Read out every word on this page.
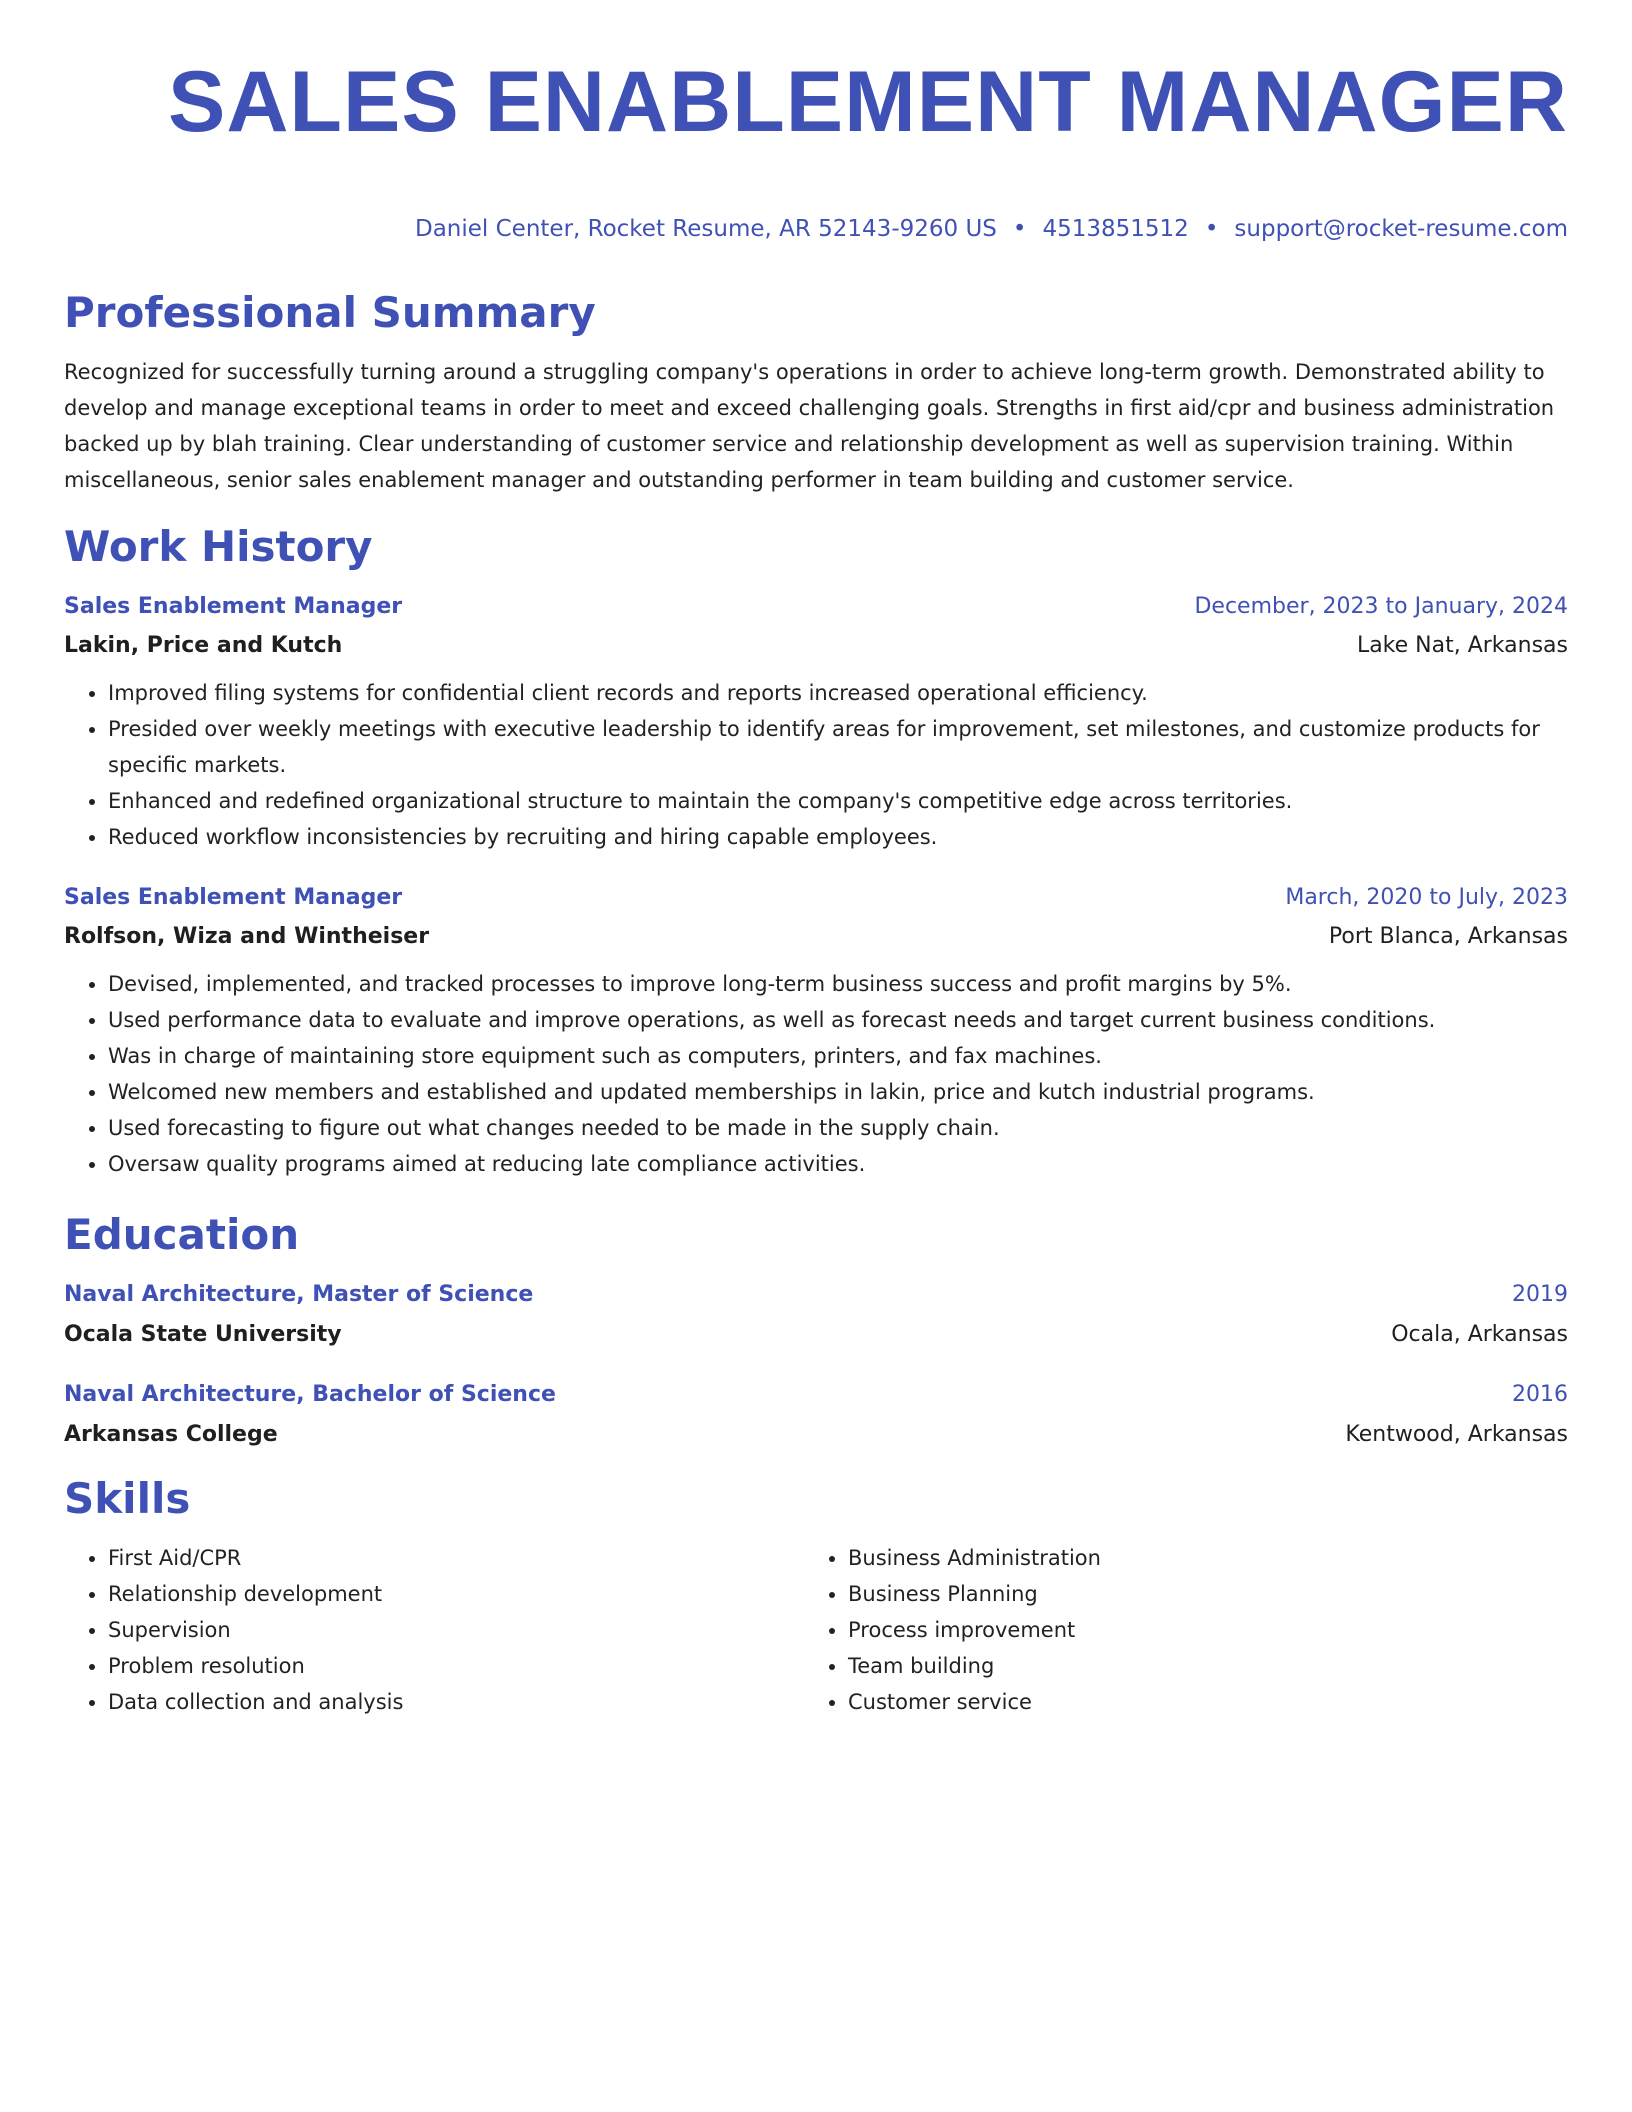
SALES ENABLEMENT MANAGER
Daniel Center, Rocket Resume, AR 52143-9260 US • 4513851512 • support@rocket-resume.com
Professional Summary
Recognized for successfully turning around a struggling company's operations in order to achieve long-term growth. Demonstrated ability to develop and manage exceptional teams in order to meet and exceed challenging goals. Strengths in first aid/cpr and business administration backed up by blah training. Clear understanding of customer service and relationship development as well as supervision training. Within miscellaneous, senior sales enablement manager and outstanding performer in team building and customer service.
Work History
Sales Enablement Manager	December, 2023 to January, 2024
Lakin, Price and Kutch	Lake Nat, Arkansas
• Improved filing systems for confidential client records and reports increased operational efficiency.
• Presided over weekly meetings with executive leadership to identify areas for improvement, set milestones, and customize products for specific markets.
• Enhanced and redefined organizational structure to maintain the company's competitive edge across territories.
• Reduced workflow inconsistencies by recruiting and hiring capable employees.
Sales Enablement Manager	March, 2020 to July, 2023
Rolfson, Wiza and Wintheiser	Port Blanca, Arkansas
• Devised, implemented, and tracked processes to improve long-term business success and profit margins by 5%.
• Used performance data to evaluate and improve operations, as well as forecast needs and target current business conditions.
• Was in charge of maintaining store equipment such as computers, printers, and fax machines.
• Welcomed new members and established and updated memberships in lakin, price and kutch industrial programs.
• Used forecasting to figure out what changes needed to be made in the supply chain.
• Oversaw quality programs aimed at reducing late compliance activities.
Education
Naval Architecture, Master of Science	2019
Ocala State University	Ocala, Arkansas
Naval Architecture, Bachelor of Science	2016
Arkansas College	Kentwood, Arkansas
Skills
• First Aid/CPR
• Relationship development
• Supervision
• Problem resolution
• Data collection and analysis
• Business Administration
• Business Planning
• Process improvement
• Team building
• Customer service
